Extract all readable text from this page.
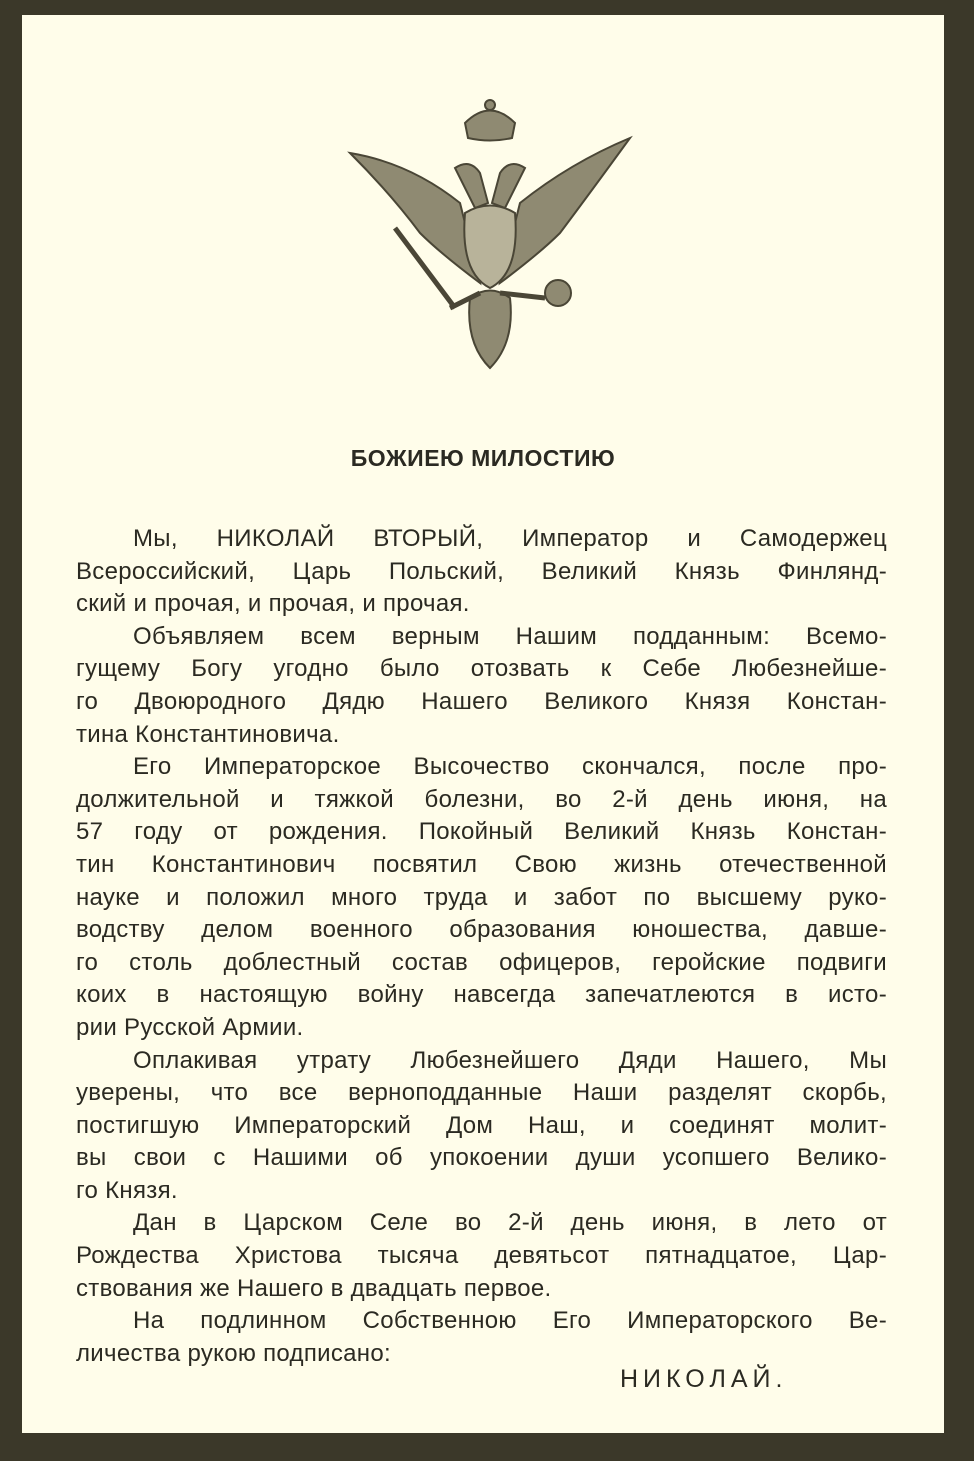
БОЖИЕЮ МИЛОСТИЮ
Мы, НИКОЛАЙ ВТОРЫЙ, Император и Самодержец
Всероссийский, Царь Польский, Великий Князь Финлянд-
ский и прочая, и прочая, и прочая.
Объявляем всем верным Нашим подданным: Всемо-
гущему Богу угодно было отозвать к Себе Любезнейше-
го Двоюродного Дядю Нашего Великого Князя Констан-
тина Константиновича.
Его Императорское Высочество скончался, после про-
должительной и тяжкой болезни, во 2-й день июня, на
57 году от рождения. Покойный Великий Князь Констан-
тин Константинович посвятил Свою жизнь отечественной
науке и положил много труда и забот по высшему руко-
водству делом военного образования юношества, давше-
го столь доблестный состав офицеров, геройские подвиги
коих в настоящую войну навсегда запечатлеются в исто-
рии Русской Армии.
Оплакивая утрату Любезнейшего Дяди Нашего, Мы
уверены, что все верноподданные Наши разделят скорбь,
постигшую Императорский Дом Наш, и соединят молит-
вы свои с Нашими об упокоении души усопшего Велико-
го Князя.
Дан в Царском Селе во 2-й день июня, в лето от
Рождества Христова тысяча девятьсот пятнадцатое, Цар-
ствования же Нашего в двадцать первое.
На подлинном Собственною Его Императорского Ве-
личества рукою подписано:
НИКОЛАЙ.
